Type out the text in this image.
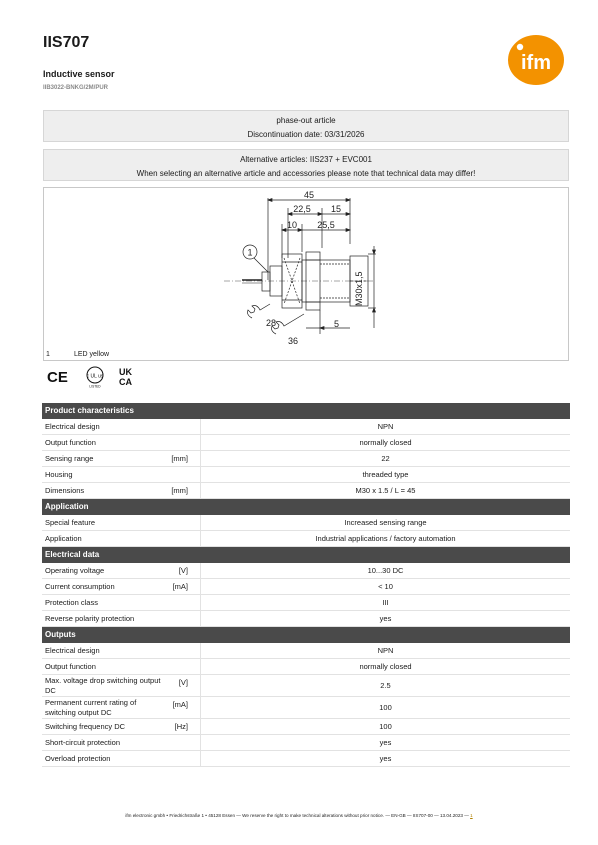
IIS707
Inductive sensor
IIB3022-BNKG/2M/PUR
ifm
phase-out article
Discontinuation date: 03/31/2026
Alternative articles: IIS237 + EVC001
When selecting an alternative article and accessories please note that technical data may differ!
45
22,5 15
10 25,5
M30x1,5
1
28
36
5
1	LED yellow
CE	c UL us
LISTED
UK
CA
Product characteristics
Electrical design	NPN
Output function	normally closed
Sensing range	[mm]	22
Housing	threaded type
Dimensions	[mm]	M30 x 1.5 / L = 45
Application
Special feature	Increased sensing range
Application	Industrial applications / factory automation
Electrical data
Operating voltage	[V]	10...30 DC
Current consumption	[mA]	< 10
Protection class	III
Reverse polarity protection	yes
Outputs
Electrical design	NPN
Output function	normally closed
Max. voltage drop switching output DC
[V]	2.5
Permanent current rating of switching output DC
[mA]	100
Switching frequency DC	[Hz]	100
Short-circuit protection	yes
Overload protection	yes
ifm electronic gmbh • Friedrichstraße 1 • 45128 Essen — We reserve the right to make technical alterations without prior notice. — EN-GB — IIS707-00 — 13.04.2023 — 1
